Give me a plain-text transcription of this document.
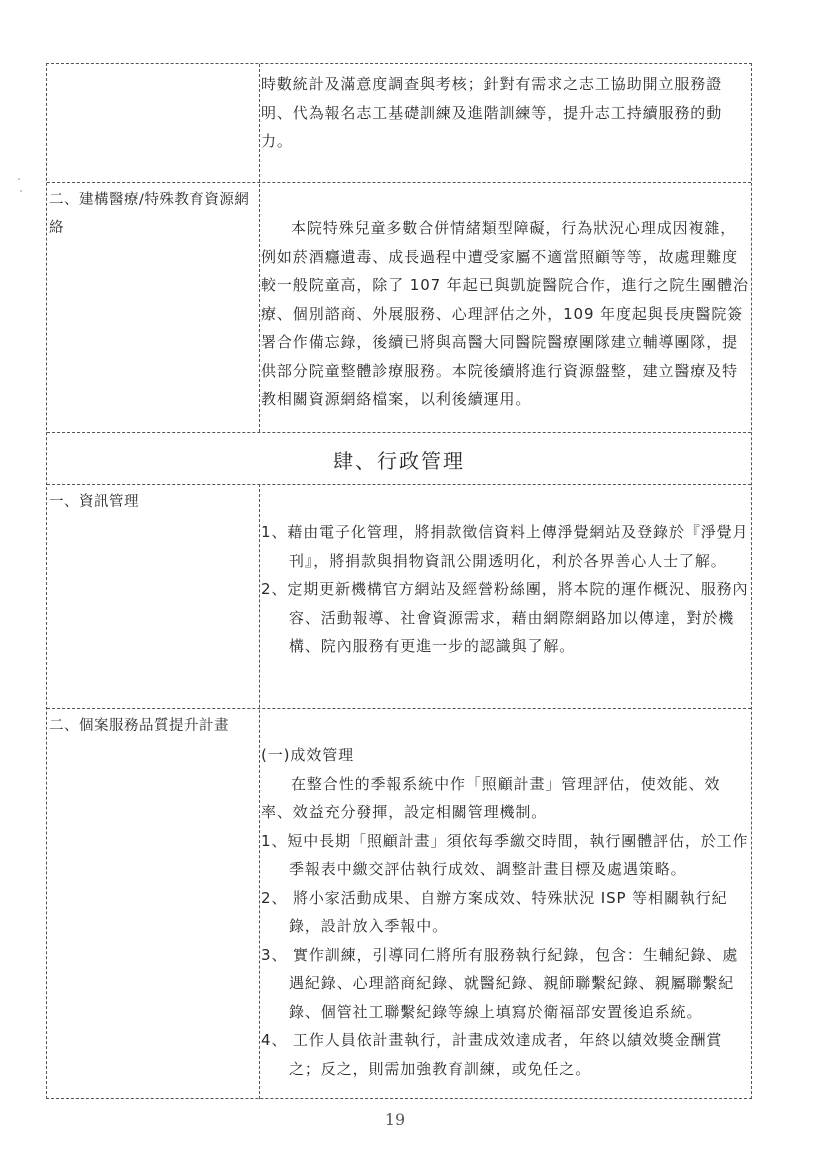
時數統計及滿意度調查與考核；針對有需求之志工協助開立服務證明、代為報名志工基礎訓練及進階訓練等，提升志工持續服務的動力。

二、建構醫療/特殊教育資源網絡	本院特殊兒童多數合併情緒類型障礙，行為狀況心理成因複雜，例如菸酒癮遺毒、成長過程中遭受家屬不適當照顧等等，故處理難度較一般院童高，除了 107 年起已與凱旋醫院合作，進行之院生團體治療、個別諮商、外展服務、心理評估之外，109 年度起與長庚醫院簽署合作備忘錄，後續已將與高醫大同醫院醫療團隊建立輔導團隊，提供部分院童整體診療服務。本院後續將進行資源盤整，建立醫療及特教相關資源網絡檔案，以利後續運用。

肆、行政管理
一、資訊管理

1、藉由電子化管理，將捐款徵信資料上傳淨覺網站及登錄於『淨覺月刊』，將捐款與捐物資訊公開透明化，利於各界善心人士了解。

2、定期更新機構官方網站及經營粉絲團，將本院的運作概況、服務內容、活動報導、社會資源需求，藉由網際網路加以傳達，對於機構、院內服務有更進一步的認識與了解。

二、個案服務品質提升計畫

(一)成效管理

在整合性的季報系統中作「照顧計畫」管理評估，使效能、效率、效益充分發揮，設定相關管理機制。

1、短中長期「照顧計畫」須依每季繳交時間，執行團體評估，於工作季報表中繳交評估執行成效、調整計畫目標及處遇策略。

2、 將小家活動成果、自辦方案成效、特殊狀況 ISP 等相關執行紀錄，設計放入季報中。

3、 實作訓練，引導同仁將所有服務執行紀錄，包含：生輔紀錄、處遇紀錄、心理諮商紀錄、就醫紀錄、親師聯繫紀錄、親屬聯繫紀錄、個管社工聯繫紀錄等線上填寫於衛福部安置後追系統。

4、 工作人員依計畫執行，計畫成效達成者，年終以績效獎金酬賞之；反之，則需加強教育訓練，或免任之。

19
